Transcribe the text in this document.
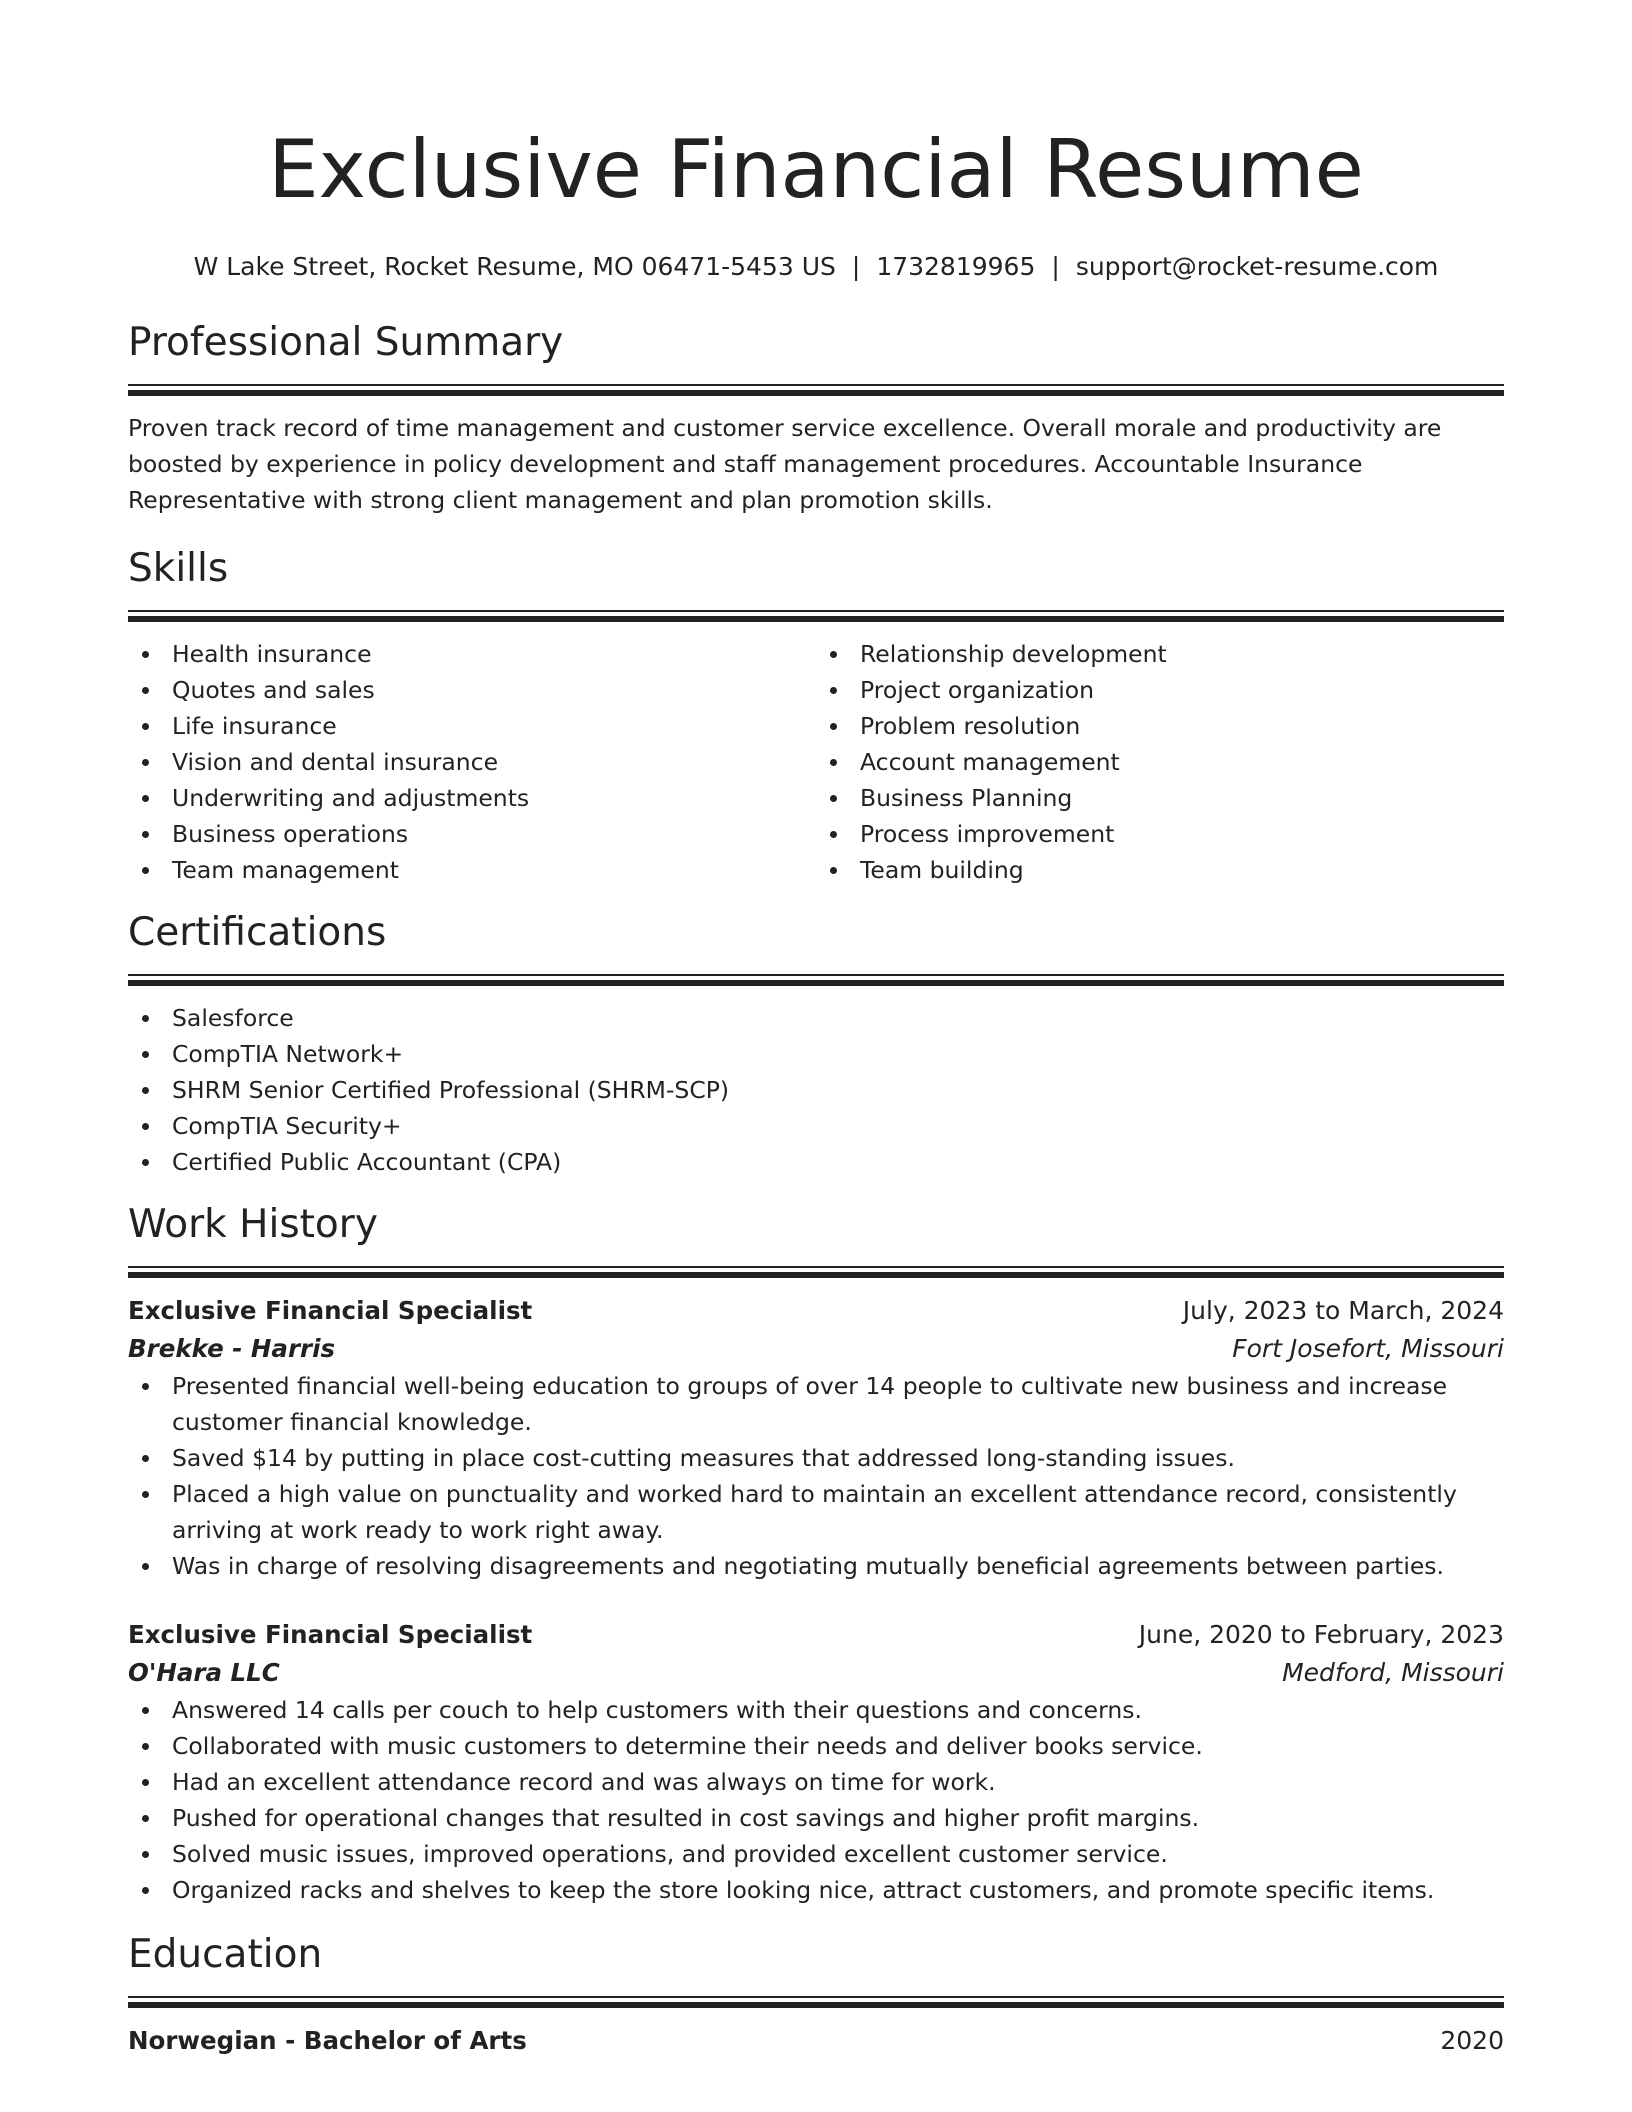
Exclusive Financial Resume
W Lake Street, Rocket Resume, MO 06471-5453 US | 1732819965 | support@rocket-resume.com
Professional Summary

Proven track record of time management and customer service excellence. Overall morale and productivity are boosted by experience in policy development and staff management procedures. Accountable Insurance Representative with strong client management and plan promotion skills.

Skills
Health insurance
Quotes and sales
Life insurance
Vision and dental insurance
Underwriting and adjustments
Business operations
Team management
Relationship development
Project organization
Problem resolution
Account management
Business Planning
Process improvement
Team building
Certifications
Salesforce
CompTIA Network+
SHRM Senior Certified Professional (SHRM-SCP)
CompTIA Security+
Certified Public Accountant (CPA)
Work History
Exclusive Financial Specialist	July, 2023 to March, 2024
Brekke - Harris	Fort Josefort, Missouri
Presented financial well-being education to groups of over 14 people to cultivate new business and increase customer financial knowledge.
Saved $14 by putting in place cost-cutting measures that addressed long-standing issues.
Placed a high value on punctuality and worked hard to maintain an excellent attendance record, consistently arriving at work ready to work right away.
Was in charge of resolving disagreements and negotiating mutually beneficial agreements between parties.
Exclusive Financial Specialist	June, 2020 to February, 2023
O'Hara LLC	Medford, Missouri
Answered 14 calls per couch to help customers with their questions and concerns.
Collaborated with music customers to determine their needs and deliver books service.
Had an excellent attendance record and was always on time for work.
Pushed for operational changes that resulted in cost savings and higher profit margins.
Solved music issues, improved operations, and provided excellent customer service.
Organized racks and shelves to keep the store looking nice, attract customers, and promote specific items.
Education
Norwegian - Bachelor of Arts	2020
